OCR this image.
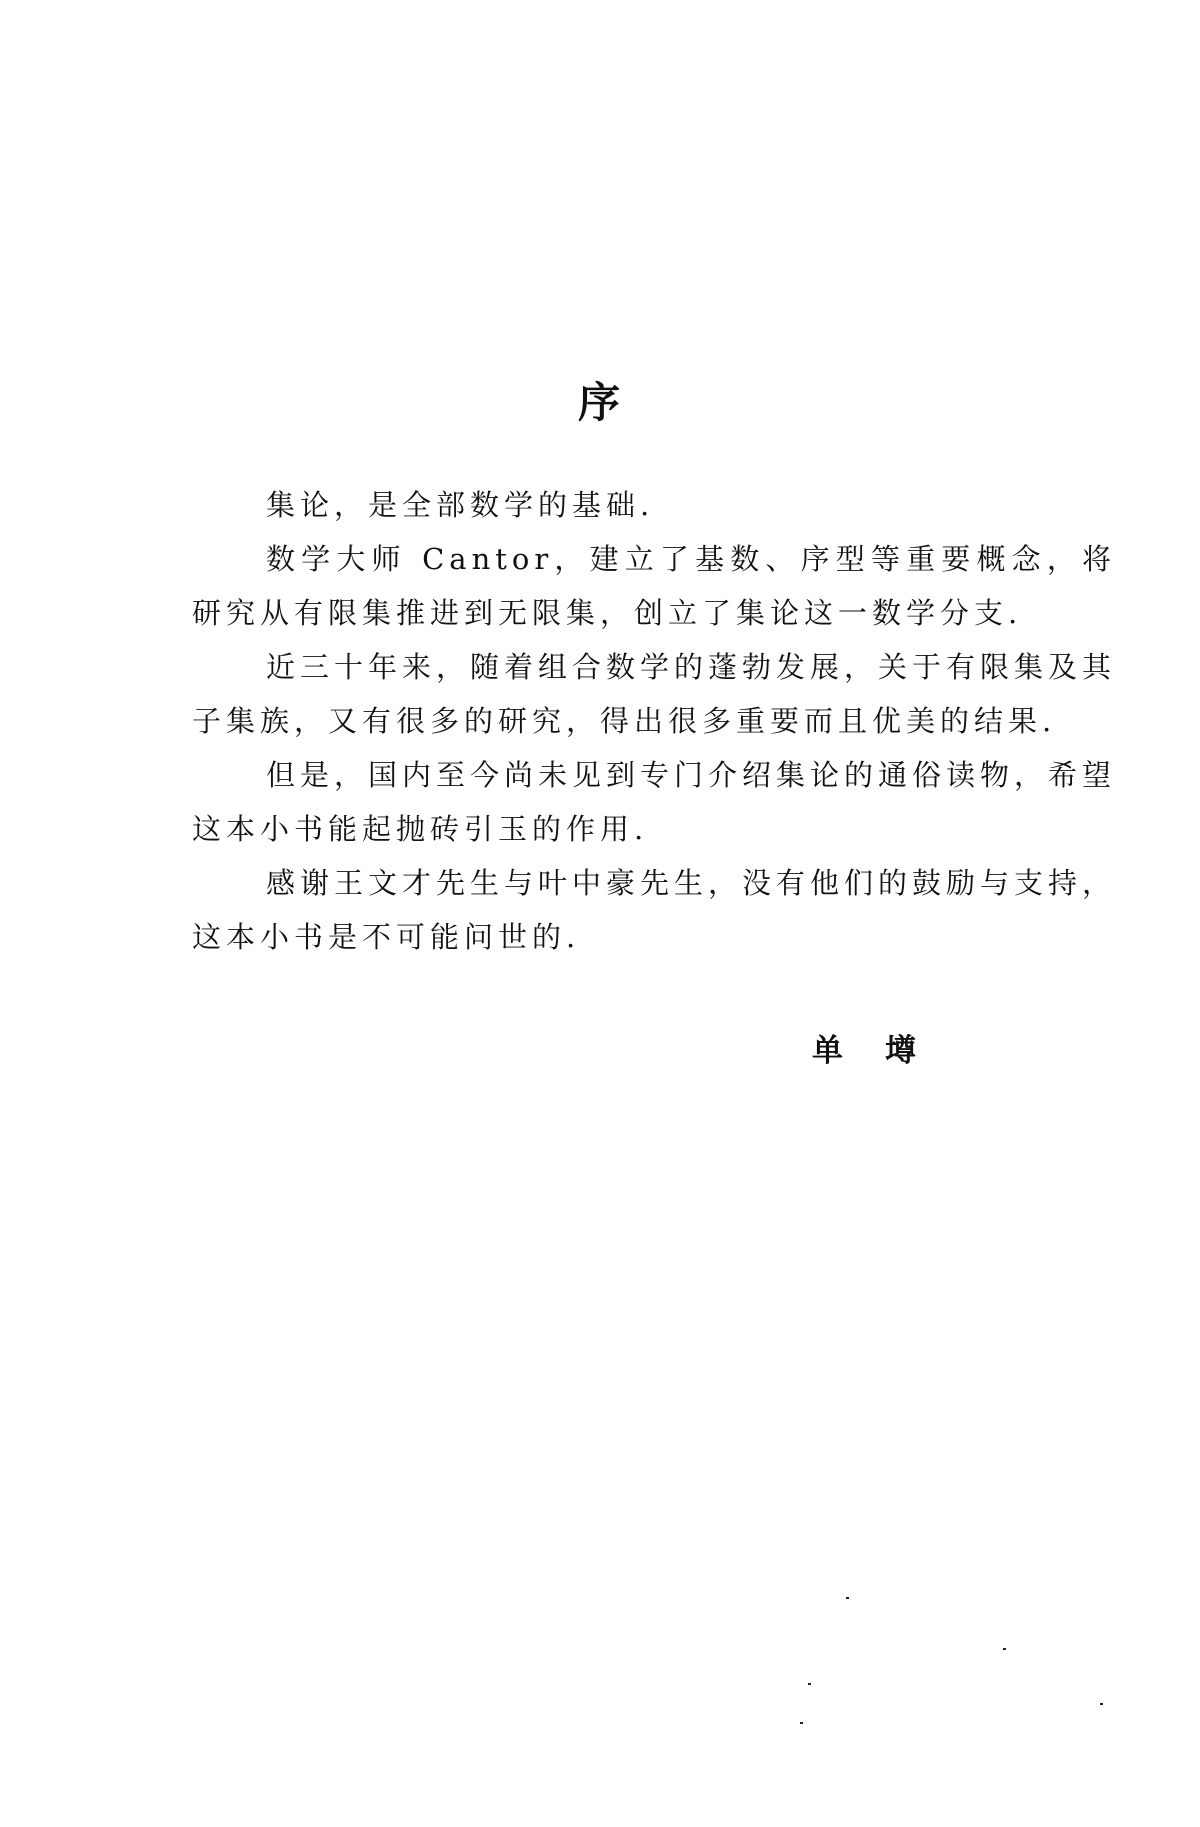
序

集论，是全部数学的基础.

数学大师 Cantor，建立了基数、序型等重要概念，将研究从有限集推进到无限集，创立了集论这一数学分支.

近三十年来，随着组合数学的蓬勃发展，关于有限集及其子集族，又有很多的研究，得出很多重要而且优美的结果.

但是，国内至今尚未见到专门介绍集论的通俗读物，希望这本小书能起抛砖引玉的作用.

感谢王文才先生与叶中豪先生，没有他们的鼓励与支持，这本小书是不可能问世的.

单 墫
